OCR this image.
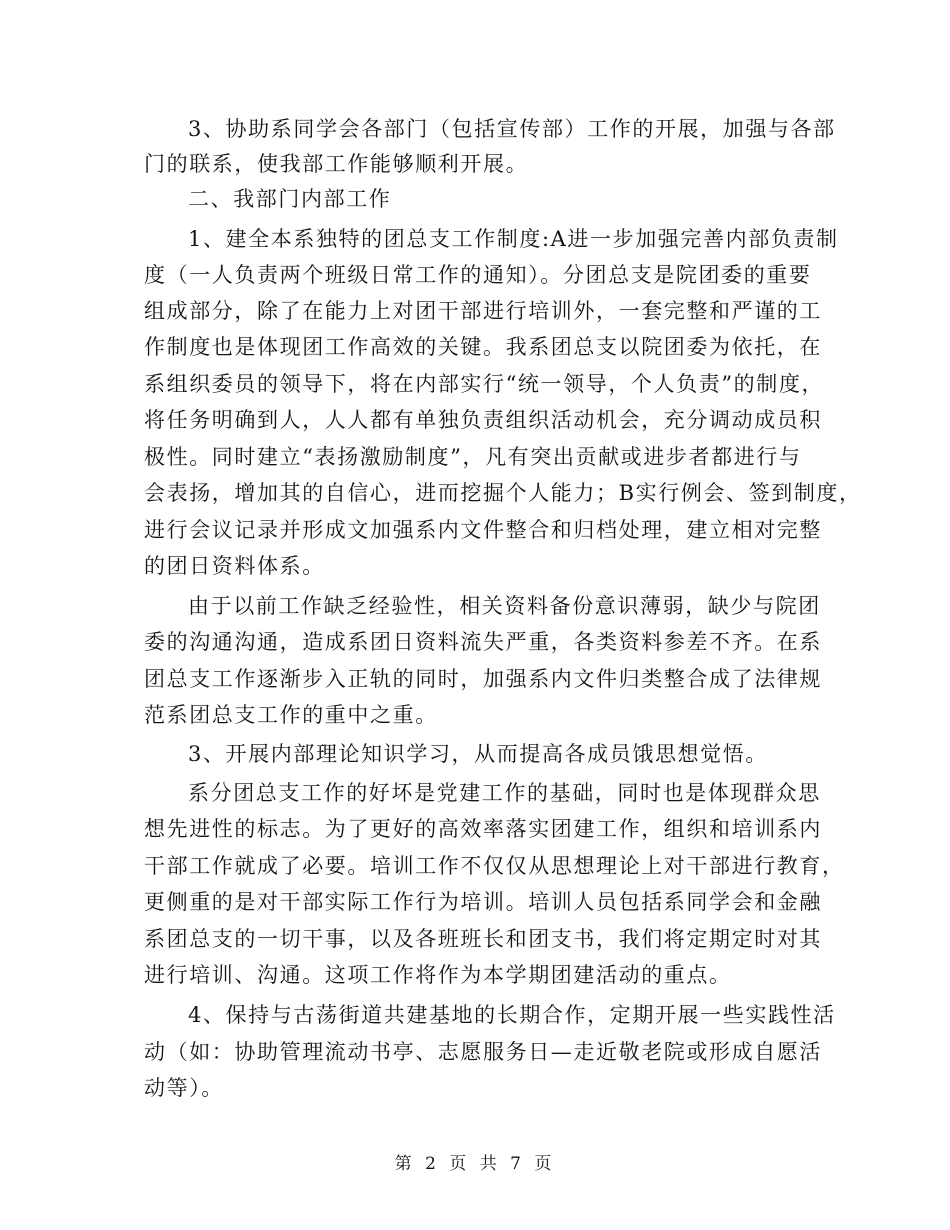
3、协助系同学会各部门（包括宣传部）工作的开展，加强与各部
门的联系，使我部工作能够顺利开展。
二、我部门内部工作
1、建全本系独特的团总支工作制度:A进一步加强完善内部负责制
度（一人负责两个班级日常工作的通知）。分团总支是院团委的重要
组成部分，除了在能力上对团干部进行培训外，一套完整和严谨的工
作制度也是体现团工作高效的关键。我系团总支以院团委为依托，在
系组织委员的领导下，将在内部实行“统一领导，个人负责”的制度，
将任务明确到人，人人都有单独负责组织活动机会，充分调动成员积
极性。同时建立“表扬激励制度”，凡有突出贡献或进步者都进行与
会表扬，增加其的自信心，进而挖掘个人能力；B实行例会、签到制度，
进行会议记录并形成文加强系内文件整合和归档处理，建立相对完整
的团日资料体系。
由于以前工作缺乏经验性，相关资料备份意识薄弱，缺少与院团
委的沟通沟通，造成系团日资料流失严重，各类资料参差不齐。在系
团总支工作逐渐步入正轨的同时，加强系内文件归类整合成了法律规
范系团总支工作的重中之重。
3、开展内部理论知识学习，从而提高各成员饿思想觉悟。
系分团总支工作的好坏是党建工作的基础，同时也是体现群众思
想先进性的标志。为了更好的高效率落实团建工作，组织和培训系内
干部工作就成了必要。培训工作不仅仅从思想理论上对干部进行教育，
更侧重的是对干部实际工作行为培训。培训人员包括系同学会和金融
系团总支的一切干事，以及各班班长和团支书，我们将定期定时对其
进行培训、沟通。这项工作将作为本学期团建活动的重点。
4、保持与古荡街道共建基地的长期合作，定期开展一些实践性活
动（如：协助管理流动书亭、志愿服务日—走近敬老院或形成自愿活
动等）。
第 2 页 共 7 页
